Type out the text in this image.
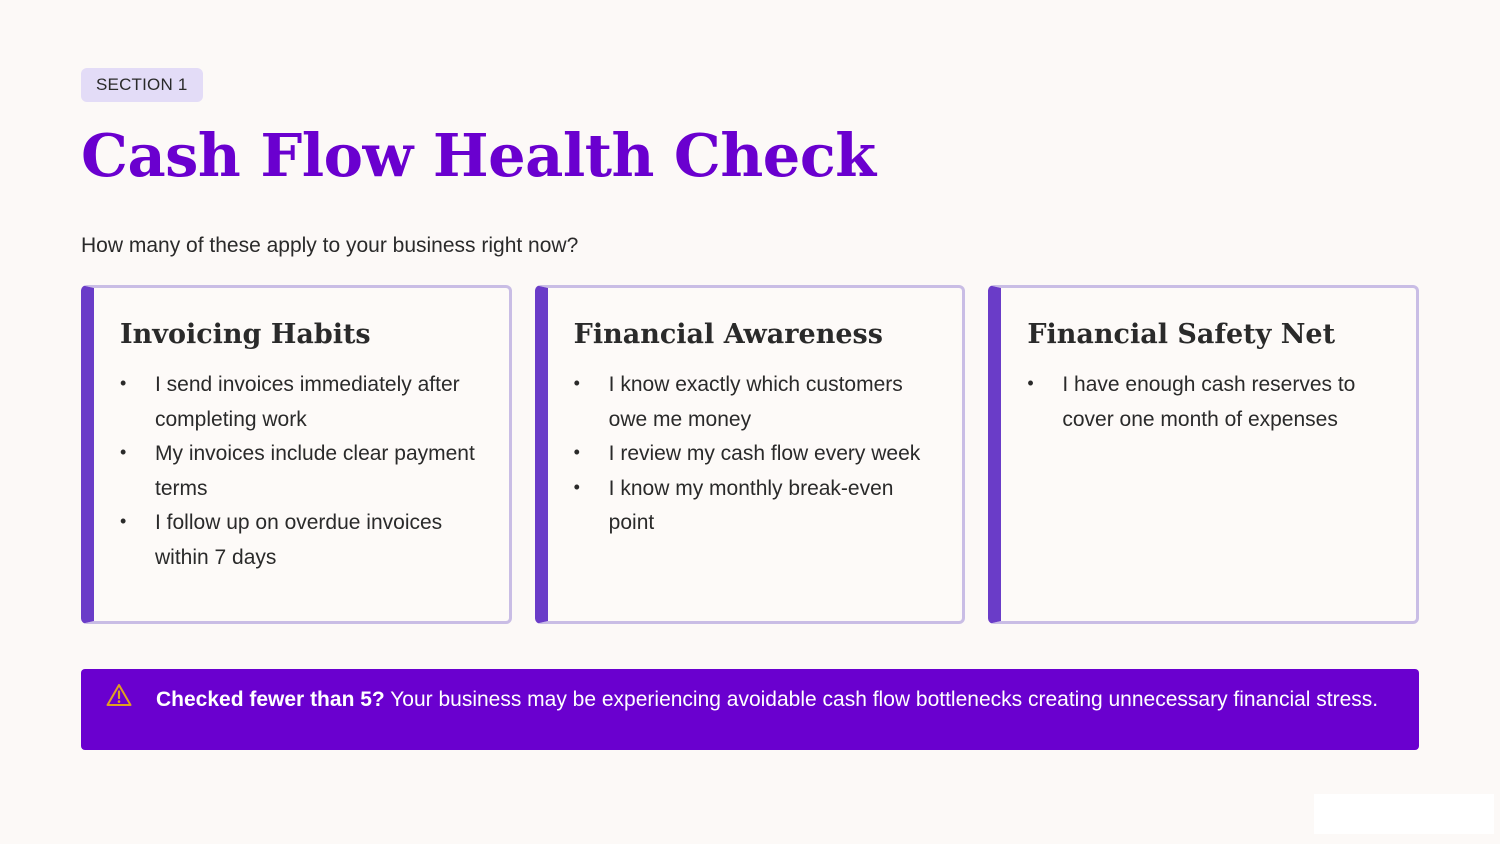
SECTION 1
Cash Flow Health Check

How many of these apply to your business right now?

Invoicing Habits
• I send invoices immediately after completing work
• My invoices include clear payment terms
• I follow up on overdue invoices within 7 days
Financial Awareness
• I know exactly which customers owe me money
• I review my cash flow every week
• I know my monthly break-even point
Financial Safety Net
• I have enough cash reserves to cover one month of expenses
Checked fewer than 5? Your business may be experiencing avoidable cash flow bottlenecks creating unnecessary financial stress.
